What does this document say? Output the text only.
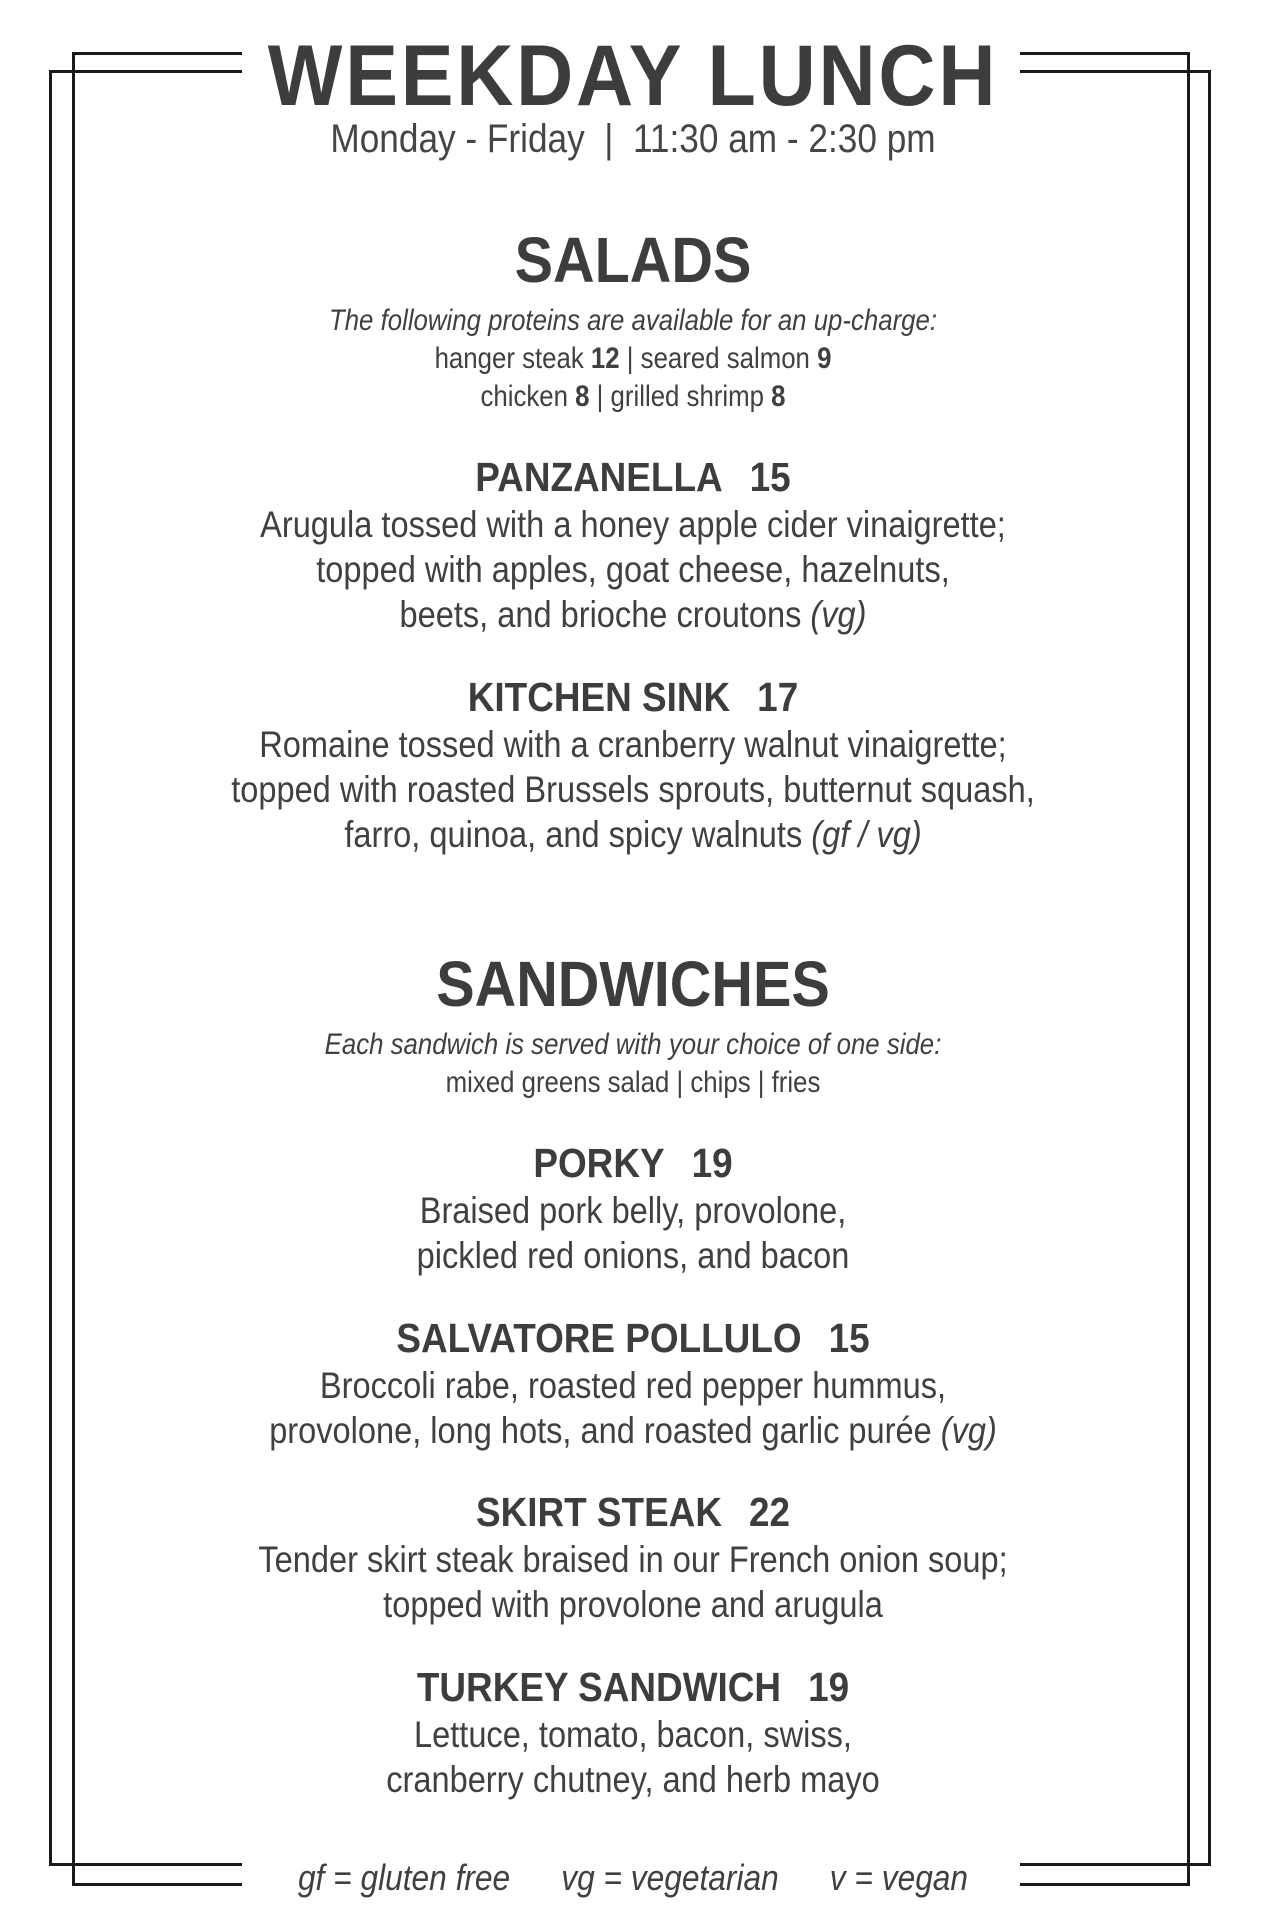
WEEKDAY LUNCH
Monday - Friday  |  11:30 am - 2:30 pm
SALADS
The following proteins are available for an up-charge:
hanger steak 12 | seared salmon 9
chicken 8 | grilled shrimp 8
PANZANELLA 15
Arugula tossed with a honey apple cider vinaigrette;
topped with apples, goat cheese, hazelnuts,
beets, and brioche croutons (vg)
KITCHEN SINK 17
Romaine tossed with a cranberry walnut vinaigrette;
topped with roasted Brussels sprouts, butternut squash,
farro, quinoa, and spicy walnuts (gf / vg)
SANDWICHES
Each sandwich is served with your choice of one side:
mixed greens salad | chips | fries
PORKY 19
Braised pork belly, provolone,
pickled red onions, and bacon
SALVATORE POLLULO 15
Broccoli rabe, roasted red pepper hummus,
provolone, long hots, and roasted garlic purée (vg)
SKIRT STEAK 22
Tender skirt steak braised in our French onion soup;
topped with provolone and arugula
TURKEY SANDWICH 19
Lettuce, tomato, bacon, swiss,
cranberry chutney, and herb mayo
gf = gluten free vg = vegetarian v = vegan
